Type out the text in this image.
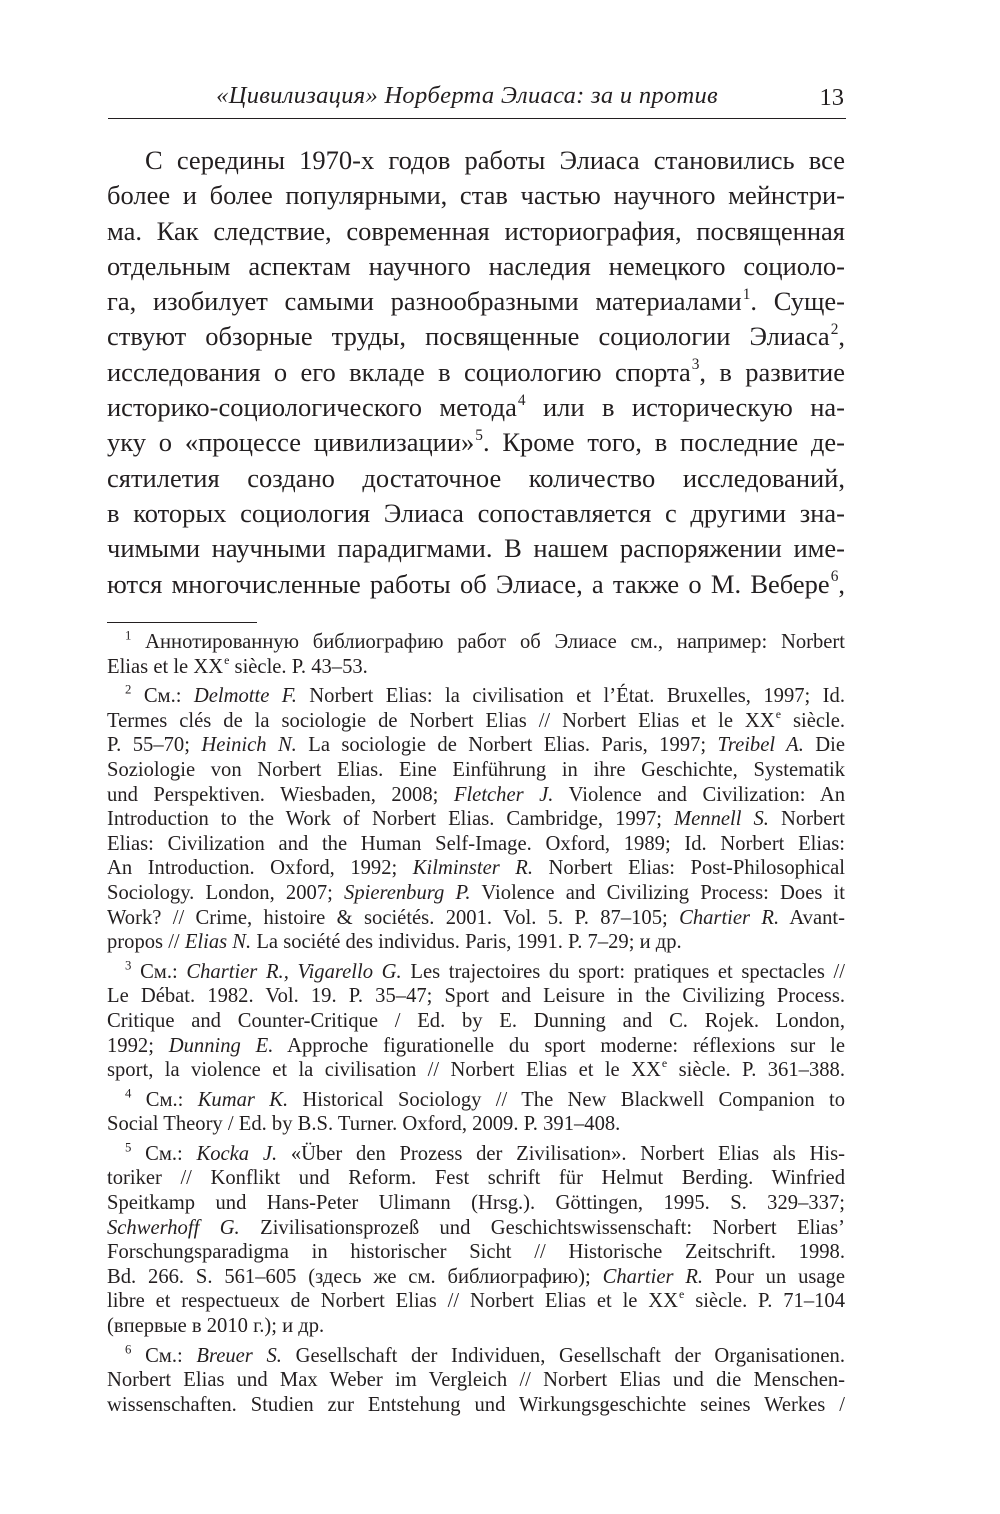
«Цивилизация» Норберта Элиаса: за и против	13
С середины 1970-х годов работы Элиаса становились все
более и более популярными, став частью научного мейнстри-
ма. Как следствие, современная историография, посвященная
отдельным аспектам научного наследия немецкого социоло-
га, изобилует самыми разнообразными материалами$^1$. Суще-
ствуют обзорные труды, посвященные социологии Элиаса$^2$,
исследования о его вкладе в социологию спорта$^3$, в развитие
историко-социологического метода$^4$ или в историческую на-
уку о «процессе цивилизации»$^5$. Кроме того, в последние де-
сятилетия создано достаточное количество исследований,
в которых социология Элиаса сопоставляется с другими зна-
чимыми научными парадигмами. В нашем распоряжении име-
ются многочисленные работы об Элиасе, а также о М. Вебере$^6$,
$^1$ Аннотированную библиографию работ об Элиасе см., например: Norbert
Elias et le XXe siècle. P. 43–53.
$^2$ См.: Delmotte F. Norbert Elias: la civilisation et l’État. Bruxelles, 1997; Id.
Termes clés de la sociologie de Norbert Elias // Norbert Elias et le XXe siècle.
P. 55–70; Heinich N. La sociologie de Norbert Elias. Paris, 1997; Treibel A. Die
Soziologie von Norbert Elias. Eine Einführung in ihre Geschichte, Systematik
und Perspektiven. Wiesbaden, 2008; Fletcher J. Violence and Civilization: An
Introduction to the Work of Norbert Elias. Cambridge, 1997; Mennell S. Norbert
Elias: Civilization and the Human Self-Image. Oxford, 1989; Id. Norbert Elias:
An Introduction. Oxford, 1992; Kilminster R. Norbert Elias: Post-Philosophical
Sociology. London, 2007; Spierenburg P. Violence and Civilizing Process: Does it
Work? // Crime, histoire & sociétés. 2001. Vol. 5. P. 87–105; Chartier R. Avant-
propos // Elias N. La société des individus. Paris, 1991. P. 7–29; и др.
$^3$ См.: Chartier R., Vigarello G. Les trajectoires du sport: pratiques et spectacles //
Le Débat. 1982. Vol. 19. P. 35–47; Sport and Leisure in the Civilizing Process.
Critique and Counter-Critique / Ed. by E. Dunning and C. Rojek. London,
1992; Dunning E. Approche figurationelle du sport moderne: réflexions sur le
sport, la violence et la civilisation // Norbert Elias et le XXe siècle. P. 361–388.
$^4$ См.: Kumar K. Historical Sociology // The New Blackwell Companion to
Social Theory / Ed. by B.S. Turner. Oxford, 2009. P. 391–408.
$^5$ См.: Kocka J. «Über den Prozess der Zivilisation». Norbert Elias als His-
toriker // Konflikt und Reform. Fest schrift für Helmut Berding. Winfried
Speitkamp und Hans-Peter Ulimann (Hrsg.). Göttingen, 1995. S. 329–337;
Schwerhoff G. Zivilisationsprozeß und Geschichtswissenschaft: Norbert Elias’
Forschungsparadigma in historischer Sicht // Historische Zeitschrift. 1998.
Bd. 266. S. 561–605 (здесь же см. библиографию); Chartier R. Pour un usage
libre et respectueux de Norbert Elias // Norbert Elias et le XXe siècle. P. 71–104
(впервые в 2010 г.); и др.
$^6$ См.: Breuer S. Gesellschaft der Individuen, Gesellschaft der Organisationen.
Norbert Elias und Max Weber im Vergleich // Norbert Elias und die Menschen-
wissenschaften. Studien zur Entstehung und Wirkungsgeschichte seines Werkes /
